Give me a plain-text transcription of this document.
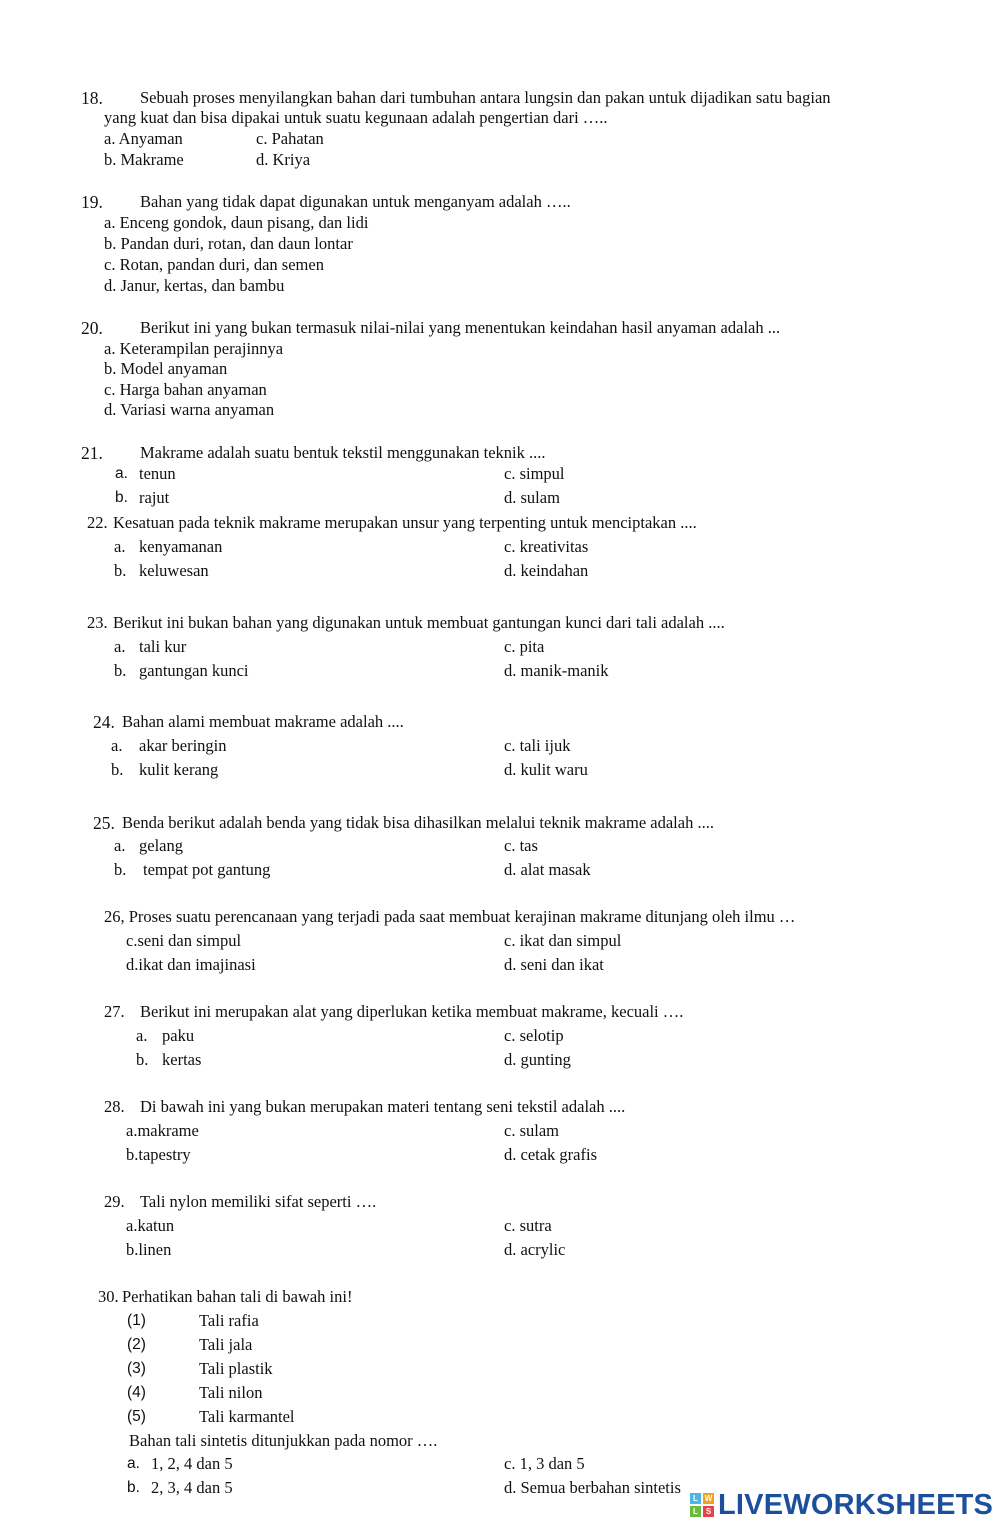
18. Sebuah proses menyilangkan bahan dari tumbuhan antara lungsin dan pakan untuk dijadikan satu bagian
yang kuat dan bisa dipakai untuk suatu kegunaan adalah pengertian dari …..
a. Anyaman	c. Pahatan
b. Makrame	d. Kriya
19. Bahan yang tidak dapat digunakan untuk menganyam adalah …..
a. Enceng gondok, daun pisang, dan lidi
b. Pandan duri, rotan, dan daun lontar
c. Rotan, pandan duri, dan semen
d. Janur, kertas, dan bambu
20. Berikut ini yang bukan termasuk nilai-nilai yang menentukan keindahan hasil anyaman adalah ...
a. Keterampilan perajinnya
b. Model anyaman
c. Harga bahan anyaman
d. Variasi warna anyaman
21. Makrame adalah suatu bentuk tekstil menggunakan teknik ....
a. tenun	c. simpul
b. rajut	d. sulam
22. Kesatuan pada teknik makrame merupakan unsur yang terpenting untuk menciptakan ....
a. kenyamanan	c. kreativitas
b. keluwesan	d. keindahan
23. Berikut ini bukan bahan yang digunakan untuk membuat gantungan kunci dari tali adalah ....
a. tali kur	c. pita
b. gantungan kunci	d. manik-manik
24. Bahan alami membuat makrame adalah ....
a. akar beringin	c. tali ijuk
b. kulit kerang	d. kulit waru
25. Benda berikut adalah benda yang tidak bisa dihasilkan melalui teknik makrame adalah ....
a. gelang	c. tas
b. tempat pot gantung	d. alat masak
26, Proses suatu perencanaan yang terjadi pada saat membuat kerajinan makrame ditunjang oleh ilmu …
c.seni dan simpul	c. ikat dan simpul
d.ikat dan imajinasi	d. seni dan ikat
27. Berikut ini merupakan alat yang diperlukan ketika membuat makrame, kecuali ….
a. paku	c. selotip
b. kertas	d. gunting
28. Di bawah ini yang bukan merupakan materi tentang seni tekstil adalah ....
a.makrame	c. sulam
b.tapestry	d. cetak grafis
29. Tali nylon memiliki sifat seperti ….
a.katun	c. sutra
b.linen	d. acrylic
30. Perhatikan bahan tali di bawah ini!
(1)	Tali rafia
(2)	Tali jala
(3)	Tali plastik
(4)	Tali nilon
(5)	Tali karmantel
Bahan tali sintetis ditunjukkan pada nomor ….
a. 1, 2, 4 dan 5	c. 1, 3 dan 5
b. 2, 3, 4 dan 5	d. Semua berbahan sintetis
L W
L S LIVEWORKSHEETS
